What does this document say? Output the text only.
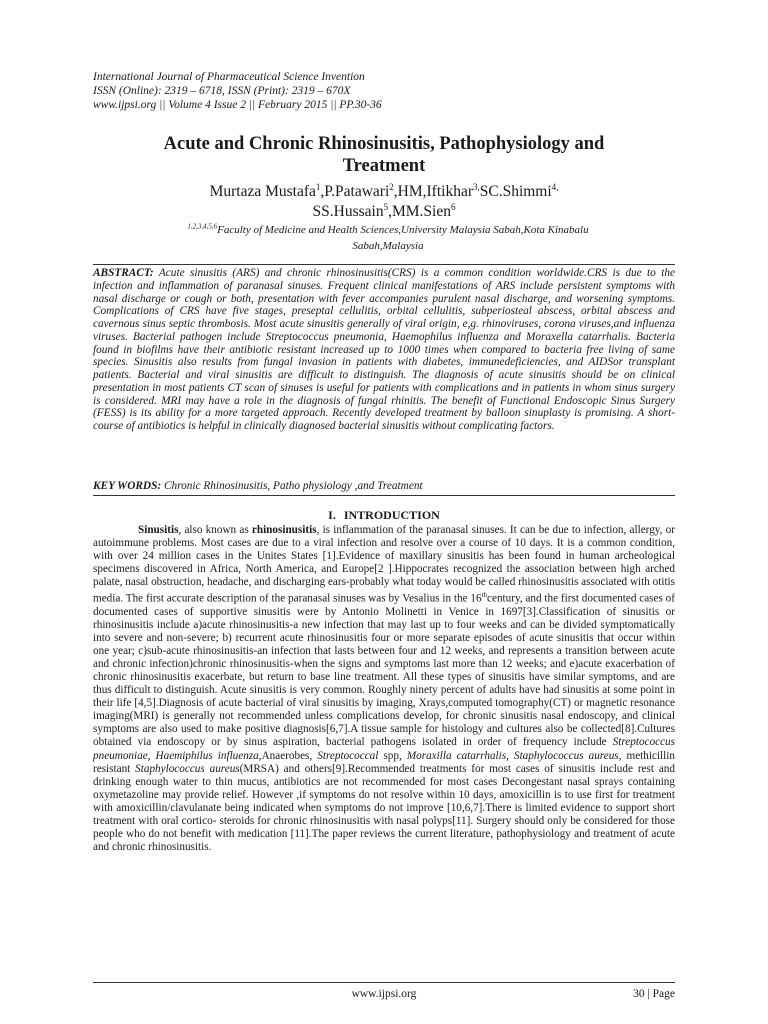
International Journal of Pharmaceutical Science Invention
ISSN (Online): 2319 – 6718, ISSN (Print): 2319 – 670X
www.ijpsi.org || Volume 4 Issue 2 || February 2015 || PP.30-36
Acute and Chronic Rhinosinusitis, Pathophysiology and
Treatment
Murtaza Mustafa$^1$,P.Patawari$^2$,HM,Iftikhar$^{3,}$SC.Shimmi$^{4,}$
SS.Hussain$^5$,MM.Sien$^6$
$^{1,2,3,4,5,6}$Faculty of Medicine and Health Sciences,University Malaysia Sabah,Kota Kinabalu
Sabah,Malaysia
ABSTRACT: Acute sinusitis (ARS) and chronic rhinosinusitis(CRS) is a common condition worldwide.CRS is due to the infection and inflammation of paranasal sinuses. Frequent clinical manifestations of ARS include persistent symptoms with nasal discharge or cough or both, presentation with fever accompanies purulent nasal discharge, and worsening symptoms. Complications of CRS have five stages, preseptal cellulitis, orbital cellulitis, subperiosteal abscess, orbital abscess and cavernous sinus septic thrombosis. Most acute sinusitis generally of viral origin, e,g. rhinoviruses, corona viruses,and influenza viruses. Bacterial pathogen include Streptococcus pneumonia, Haemophilus influenza and Moraxella catarrhalis. Bacteria found in biofilms have their antibiotic resistant increased up to 1000 times when compared to bacteria free living of same species. Sinusitis also results from fungal invasion in patients with diabetes, immunedeficiencies, and AIDSor transplant patients. Bacterial and viral sinusitis are difficult to distinguish. The diagnosis of acute sinusitis should be on clinical presentation in most patients CT scan of sinuses is useful for patients with complications and in patients in whom sinus surgery is considered. MRI may have a role in the diagnosis of fungal rhinitis. The benefit of Functional Endoscopic Sinus Surgery (FESS) is its ability for a more targeted approach. Recently developed treatment by balloon sinuplasty is promising. A short-course of antibiotics is helpful in clinically diagnosed bacterial sinusitis without complicating factors.
KEY WORDS: Chronic Rhinosinusitis, Patho physiology ,and Treatment
I. INTRODUCTION
Sinusitis, also known as rhinosinusitis, is inflammation of the paranasal sinuses. It can be due to infection, allergy, or autoimmune problems. Most cases are due to a viral infection and resolve over a course of 10 days. It is a common condition, with over 24 million cases in the Unites States [1].Evidence of maxillary sinusitis has been found in human archeological specimens discovered in Africa, North America, and Europe[2 ].Hippocrates recognized the association between high arched palate, nasal obstruction, headache, and discharging ears-probably what today would be called rhinosinusitis associated with otitis media. The first accurate description of the paranasal sinuses was by Vesalius in the 16thcentury, and the first documented cases of documented cases of supportive sinusitis were by Antonio Molinetti in Venice in 1697[3].Classification of sinusitis or rhinosinusitis include a)acute rhinosinusitis-a new infection that may last up to four weeks and can be divided symptomatically into severe and non-severe; b) recurrent acute rhinosinusitis four or more separate episodes of acute sinusitis that occur within one year; c)sub-acute rhinosinusitis-an infection that lasts between four and 12 weeks, and represents a transition between acute and chronic infection)chronic rhinosinusitis-when the signs and symptoms last more than 12 weeks; and e)acute exacerbation of chronic rhinosinusitis exacerbate, but return to base line treatment. All these types of sinusitis have similar symptoms, and are thus difficult to distinguish. Acute sinusitis is very common. Roughly ninety percent of adults have had sinusitis at some point in their life [4,5].Diagnosis of acute bacterial of viral sinusitis by imaging, Xrays,computed tomography(CT) or magnetic resonance imaging(MRI) is generally not recommended unless complications develop, for chronic sinusitis nasal endoscopy, and clinical symptoms are also used to make positive diagnosis[6,7].A tissue sample for histology and cultures also be collected[8].Cultures obtained via endoscopy or by sinus aspiration, bacterial pathogens isolated in order of frequency include Streptococcus pneumoniae, Haemiphilus influenza,Anaerobes, Streptococcal spp, Moraxilla catarrhalis, Staphylococcus aureus, methicillin resistant Staphylococcus aureus(MRSA) and others[9].Recommended treatments for most cases of sinusitis include rest and drinking enough water to thin mucus, antibiotics are not recommended for most cases Decongestant nasal sprays containing oxymetazoline may provide relief. However ,if symptoms do not resolve within 10 days, amoxicillin is to use first for treatment with amoxicillin/clavulanate being indicated when symptoms do not improve [10,6,7].There is limited evidence to support short treatment with oral cortico- steroids for chronic rhinosinusitis with nasal polyps[11]. Surgery should only be considered for those people who do not benefit with medication [11].The paper reviews the current literature, pathophysiology and treatment of acute and chronic rhinosinusitis.
www.ijpsi.org	30 | Page
